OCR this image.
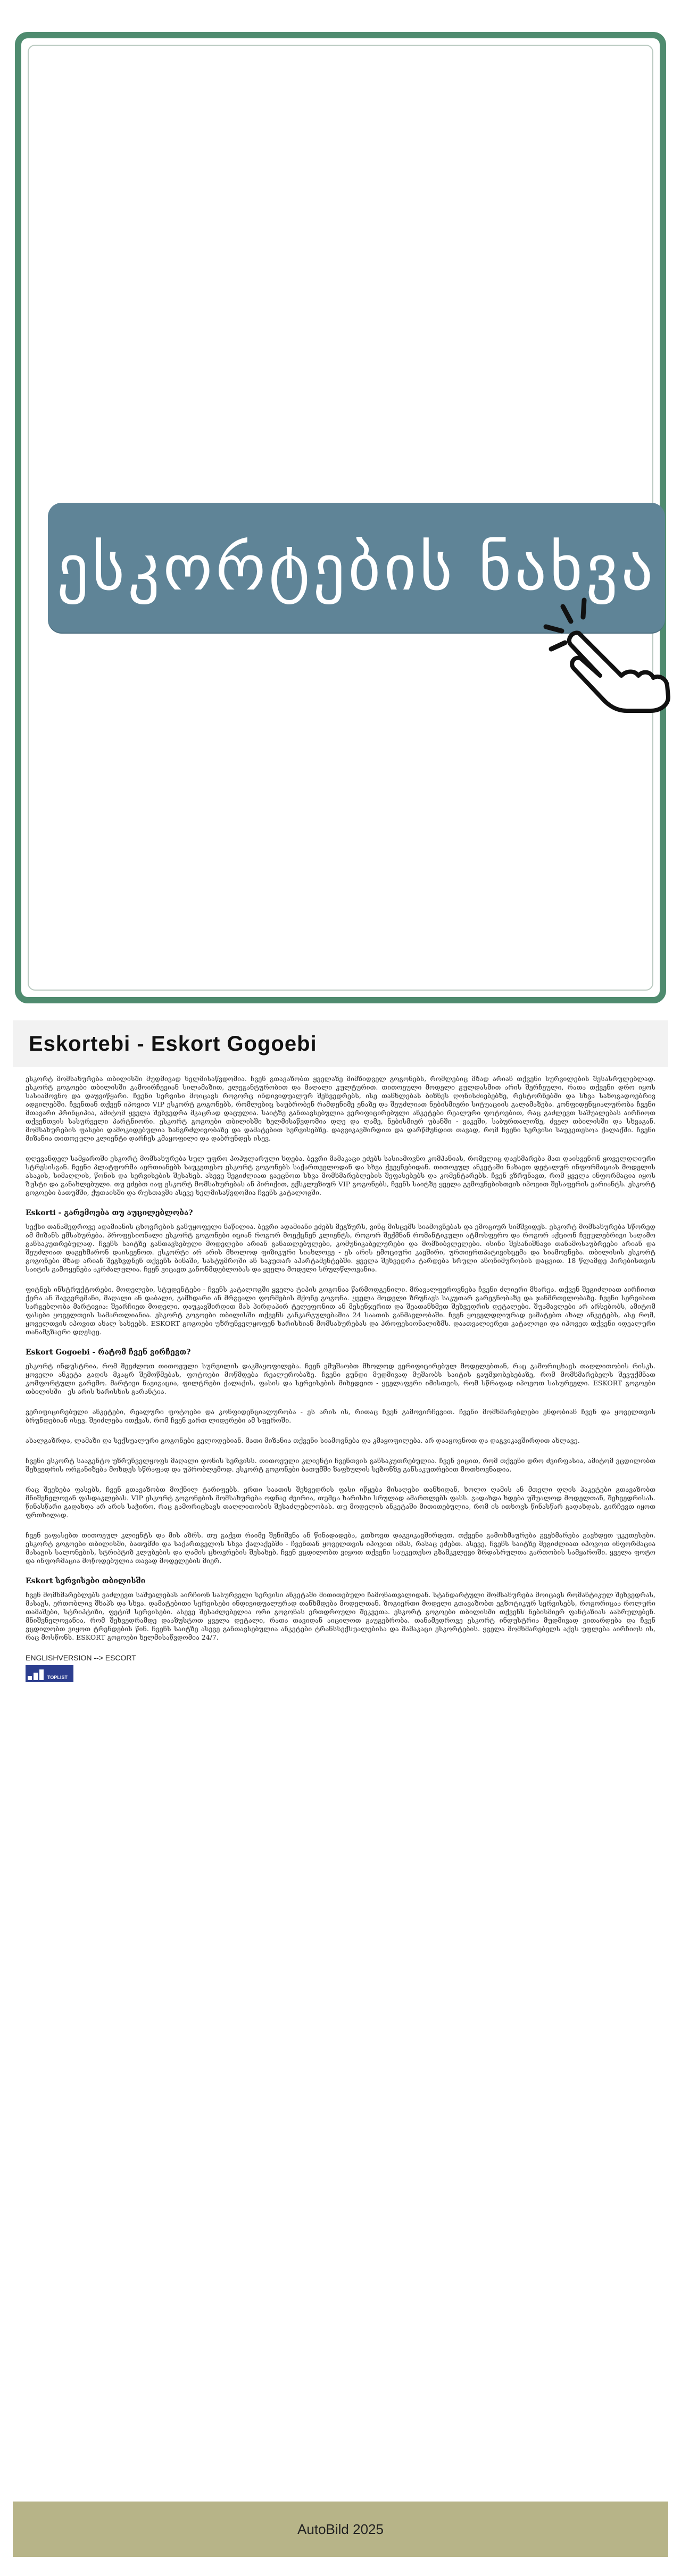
ესკორტების ნახვა
Eskortebi - Eskort Gogoebi

ესკორტ მომსახურება თბილისში მუდმივად ხელმისაწვდომია. ჩვენ გთავაზობთ ყველაზე მიმზიდველ გოგონებს, რომლებიც მზად არიან თქვენი სურვილების შესასრულებლად. ესკორტ გოგოები თბილისში გამოირჩევიან სილამაზით, ელეგანტურობით და მაღალი კულტურით. თითოეული მოდელი გულდასმით არის შერჩეული, რათა თქვენი დრო იყოს სასიამოვნო და დაუვიწყარი. ჩვენი სერვისი მოიცავს როგორც ინდივიდუალურ შეხვედრებს, ისე თანხლებას ბიზნეს ღონისძიებებზე, რესტორნებში და სხვა საზოგადოებრივ ადგილებში. ჩვენთან თქვენ იპოვით VIP ესკორტ გოგონებს, რომლებიც საუბრობენ რამდენიმე ენაზე და შეუძლიათ ნებისმიერი სიტუაციის გალამაზება. კონფიდენციალურობა ჩვენი მთავარი პრინციპია, ამიტომ ყველა შეხვედრა მკაცრად დაცულია. საიტზე განთავსებულია ვერიფიცირებული ანკეტები რეალური ფოტოებით, რაც გაძლევთ საშუალებას აირჩიოთ თქვენთვის სასურველი პარტნიორი. ესკორტ გოგოები თბილისში ხელმისაწვდომია დღე და ღამე, ნებისმიერ უბანში - ვაკეში, საბურთალოზე, ძველ თბილისში და სხვაგან. მომსახურების ფასები დამოკიდებულია ხანგრძლივობაზე და დამატებით სერვისებზე. დაგვიკავშირდით და დარწმუნდით თავად, რომ ჩვენი სერვისი საუკეთესოა ქალაქში. ჩვენი მიზანია თითოეული კლიენტი დარჩეს კმაყოფილი და დაბრუნდეს ისევ.

დღევანდელ სამყაროში ესკორტ მომსახურება სულ უფრო პოპულარული ხდება. ბევრი მამაკაცი ეძებს სასიამოვნო კომპანიას, რომელიც დაეხმარება მათ დაისვენონ ყოველდღიური სტრესისგან. ჩვენი პლატფორმა აერთიანებს საუკეთესო ესკორტ გოგონებს საქართველოდან და სხვა ქვეყნებიდან. თითოეულ ანკეტაში ნახავთ დეტალურ ინფორმაციას მოდელის ასაკის, სიმაღლის, წონის და სერვისების შესახებ. ასევე შეგიძლიათ გაეცნოთ სხვა მომხმარებლების შეფასებებს და კომენტარებს. ჩვენ ვზრუნავთ, რომ ყველა ინფორმაცია იყოს ზუსტი და განახლებული. თუ ეძებთ იაფ ესკორტ მომსახურებას ან პირიქით, ექსკლუზიურ VIP გოგონებს, ჩვენს საიტზე ყველა გემოვნებისთვის იპოვით შესაფერის ვარიანტს. ესკორტ გოგოები ბათუმში, ქუთაისში და რუსთავში ასევე ხელმისაწვდომია ჩვენს კატალოგში.

Eskorti - გარემოება თუ აუცილებლობა?

სექსი თანამედროვე ადამიანის ცხოვრების განუყოფელი ნაწილია. ბევრი ადამიანი ეძებს მეგზურს, ვინც მისცემს სიამოვნებას და ემოციურ სიმშვიდეს. ესკორტ მომსახურება სწორედ ამ მიზანს ემსახურება. პროფესიონალი ესკორტ გოგონები იციან როგორ მოექცნენ კლიენტს, როგორ შექმნან რომანტიკული ატმოსფერო და როგორ აქციონ ჩვეულებრივი საღამო განსაკუთრებულად. ჩვენს საიტზე განთავსებული მოდელები არიან განათლებულები, კომუნიკაბელურები და მომხიბვლელები. ისინი შესანიშნავი თანამოსაუბრეები არიან და შეუძლიათ დაგეხმარონ დაისვენოთ. ესკორტი არ არის მხოლოდ ფიზიკური სიახლოვე - ეს არის ემოციური კავშირი, ურთიერთპატივისცემა და სიამოვნება. თბილისის ესკორტ გოგონები მზად არიან შეგხვდნენ თქვენს ბინაში, სასტუმროში ან საკუთარ აპარტამენტებში. ყველა შეხვედრა ტარდება სრული ანონიმურობის დაცვით. 18 წლამდე პირებისთვის საიტის გამოყენება აკრძალულია. ჩვენ ვიცავთ კანონმდებლობას და ყველა მოდელი სრულწლოვანია.

ფიტნეს ინსტრუქტორები, მოდელები, სტუდენტები - ჩვენს კატალოგში ყველა ტიპის გოგონაა წარმოდგენილი. მრავალფეროვნება ჩვენი ძლიერი მხარეა. თქვენ შეგიძლიათ აირჩიოთ ქერა ან შავგვრემანი, მაღალი ან დაბალი, გამხდარი ან მრგვალი ფორმების მქონე გოგონა. ყველა მოდელი ზრუნავს საკუთარ გარეგნობაზე და ჯანმრთელობაზე. ჩვენი სერვისით სარგებლობა მარტივია: შეარჩიეთ მოდელი, დაუკავშირდით მას პირდაპირ ტელეფონით ან მესენჯერით და შეათანხმეთ შეხვედრის დეტალები. შუამავლები არ არსებობს, ამიტომ ფასები ყოველთვის სამართლიანია. ესკორტ გოგოები თბილისში თქვენს განკარგულებაშია 24 საათის განმავლობაში. ჩვენ ყოველდღიურად ვამატებთ ახალ ანკეტებს, ასე რომ, ყოველთვის იპოვით ახალ სახეებს. ESKORT გოგოები უზრუნველყოფენ ხარისხიან მომსახურებას და პროფესიონალიზმს. დაათვალიერეთ კატალოგი და იპოვეთ თქვენი იდეალური თანამგზავრი დღესვე.

Eskort Gogoebi - რატომ ჩვენ ვირჩევთ?

ესკორტ ინდუსტრია, რომ შევძლოთ თითოეული სურვილის დაკმაყოფილება. ჩვენ ვმუშაობთ მხოლოდ ვერიფიცირებულ მოდელებთან, რაც გამორიცხავს თაღლითობის რისკს. ყოველი ანკეტა გადის მკაცრ შემოწმებას, ფოტოები მოწმდება რეალურობაზე. ჩვენი გუნდი მუდმივად მუშაობს საიტის გაუმჯობესებაზე, რომ მომხმარებელს შევუქმნათ კომფორტული გარემო. მარტივი ნავიგაცია, ფილტრები ქალაქის, ფასის და სერვისების მიხედვით - ყველაფერი იმისთვის, რომ სწრაფად იპოვოთ სასურველი. ESKORT გოგოები თბილისში - ეს არის ხარისხის გარანტია.

ვერიფიცირებული ანკეტები, რეალური ფოტოები და კონფიდენციალურობა - ეს არის ის, რითაც ჩვენ გამოვირჩევით. ჩვენი მომხმარებლები ენდობიან ჩვენ და ყოველთვის ბრუნდებიან ისევ. შეიძლება ითქვას, რომ ჩვენ ვართ ლიდერები ამ სფეროში.

ახალგაზრდა, ლამაზი და სექსუალური გოგონები გელოდებიან. მათი მიზანია თქვენი სიამოვნება და კმაყოფილება. არ დააყოვნოთ და დაგვიკავშირდით ახლავე.

ჩვენი ესკორტ სააგენტო უზრუნველყოფს მაღალი დონის სერვისს. თითოეული კლიენტი ჩვენთვის განსაკუთრებულია. ჩვენ ვიცით, რომ თქვენი დრო ძვირფასია, ამიტომ ვცდილობთ შეხვედრის ორგანიზება მოხდეს სწრაფად და უპრობლემოდ. ესკორტ გოგონები ბათუმში ზაფხულის სეზონზე განსაკუთრებით მოთხოვნადია.

რაც შეეხება ფასებს, ჩვენ გთავაზობთ მოქნილ ტარიფებს. ერთი საათის შეხვედრის ფასი იწყება მისაღები თანხიდან, ხოლო ღამის ან მთელი დღის პაკეტები გთავაზობთ მნიშვნელოვან ფასდაკლებას. VIP ესკორტ გოგონების მომსახურება ოდნავ ძვირია, თუმცა ხარისხი სრულად ამართლებს ფასს. გადახდა ხდება უშუალოდ მოდელთან, შეხვედრისას. წინასწარი გადახდა არ არის საჭირო, რაც გამორიცხავს თაღლითობის შესაძლებლობას. თუ მოდელის ანკეტაში მითითებულია, რომ ის ითხოვს წინასწარ გადახდას, გირჩევთ იყოთ ფრთხილად.

ჩვენ ვაფასებთ თითოეულ კლიენტს და მის აზრს. თუ გაქვთ რაიმე შენიშვნა ან წინადადება, გთხოვთ დაგვიკავშირდეთ. თქვენი გამოხმაურება გვეხმარება გავხდეთ უკეთესები. ესკორტ გოგოები თბილისში, ბათუმში და საქართველოს სხვა ქალაქებში - ჩვენთან ყოველთვის იპოვით იმას, რასაც ეძებთ. ასევე, ჩვენს საიტზე შეგიძლიათ იპოვოთ ინფორმაცია მასაჟის სალონების, სტრიპტიზ კლუბების და ღამის ცხოვრების შესახებ. ჩვენ ვცდილობთ ვიყოთ თქვენი საუკეთესო გზამკვლევი ზრდასრულთა გართობის სამყაროში. ყველა ფოტო და ინფორმაცია მოწოდებულია თავად მოდელების მიერ.

Eskort სერვისები თბილისში

ჩვენ მომხმარებლებს ვაძლევთ საშუალებას აირჩიონ სასურველი სერვისი ანკეტაში მითითებული ჩამონათვალიდან. სტანდარტული მომსახურება მოიცავს რომანტიკულ შეხვედრას, მასაჟს, ერთობლივ შხაპს და სხვა. დამატებითი სერვისები ინდივიდუალურად თანხმდება მოდელთან. ზოგიერთი მოდელი გთავაზობთ ეგზოტიკურ სერვისებს, როგორიცაა როლური თამაშები, სტრიპტიზი, ფეტიშ სერვისები. ასევე შესაძლებელია ორი გოგონას ერთდროული შეკვეთა. ესკორტ გოგოები თბილისში თქვენს ნებისმიერ ფანტაზიას აასრულებენ. მნიშვნელოვანია, რომ შეხვედრამდე დააზუსტოთ ყველა დეტალი, რათა თავიდან აიცილოთ გაუგებრობა. თანამედროვე ესკორტ ინდუსტრია მუდმივად ვითარდება და ჩვენ ვცდილობთ ვიყოთ ტრენდების წინ. ჩვენს საიტზე ასევე განთავსებულია ანკეტები ტრანსსექსუალებისა და მამაკაცი ესკორტების. ყველა მომხმარებელს აქვს უფლება აირჩიოს ის, რაც მოსწონს. ESKORT გოგოები ხელმისაწვდომია 24/7.

ENGLISHVERSION --> ESCORT
TOPLIST
AutoBild 2025
